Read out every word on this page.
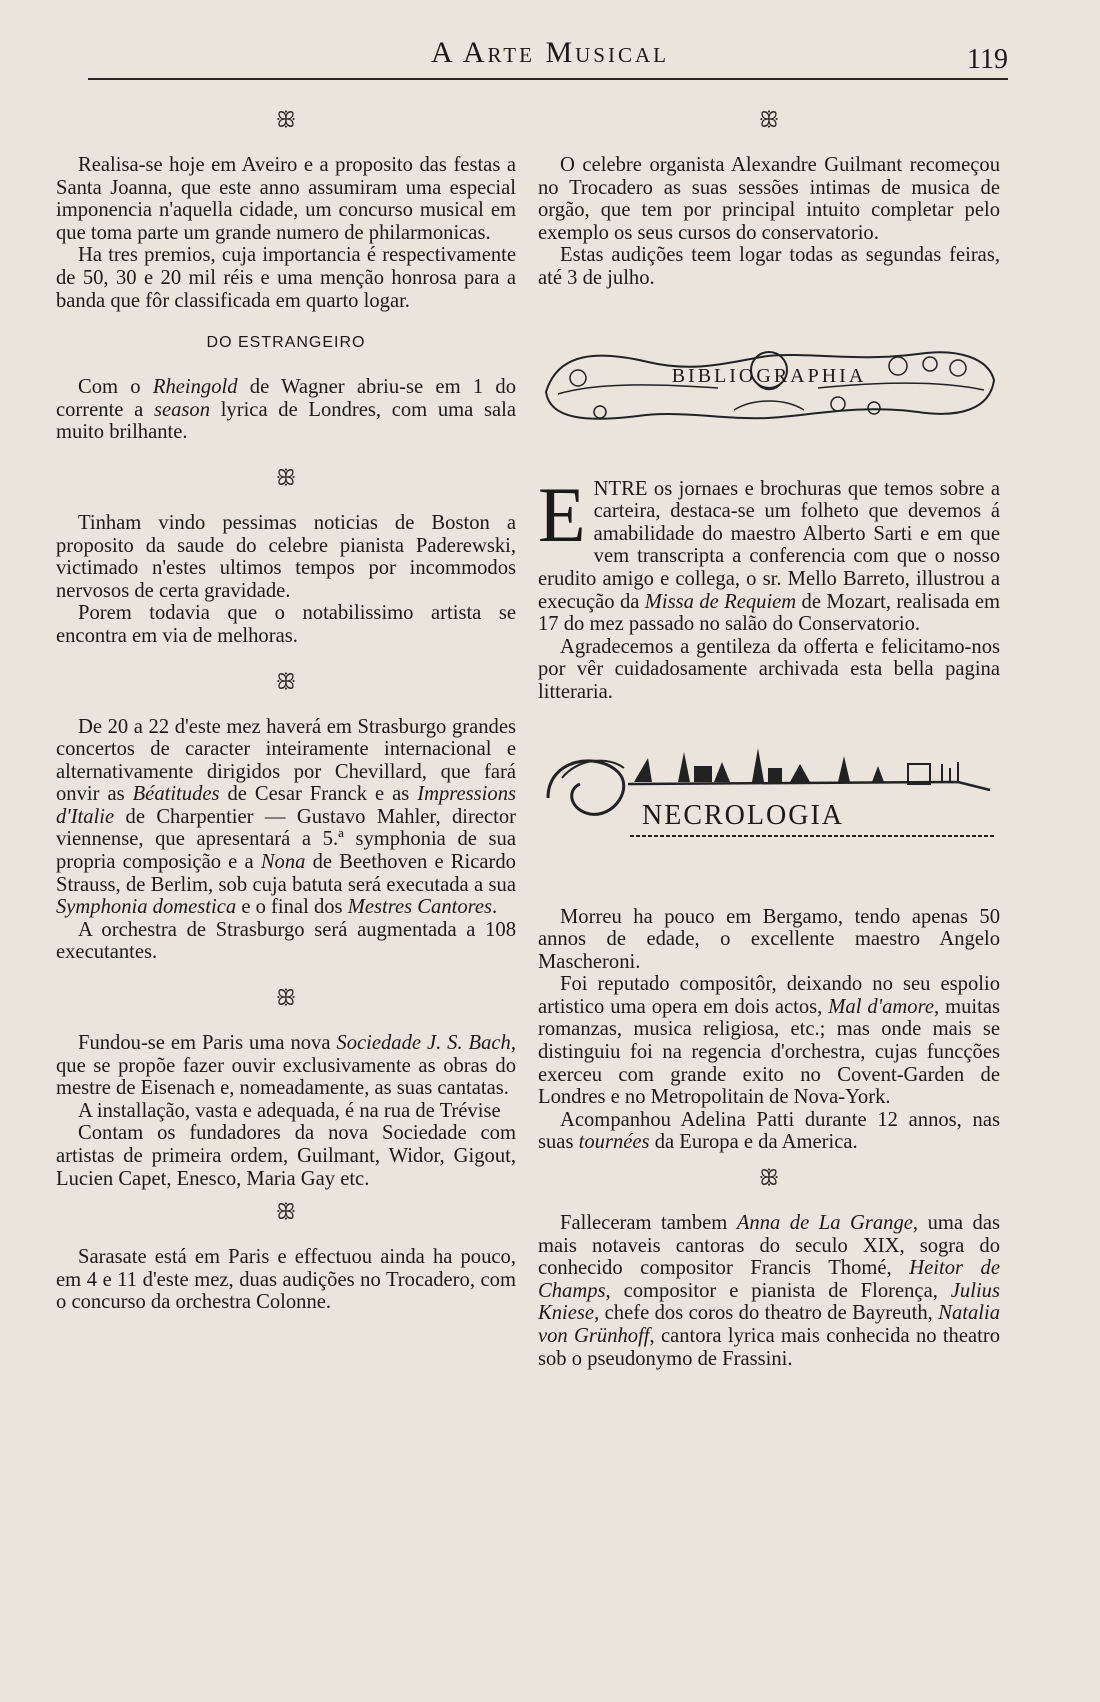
A Arte Musical	119
ꕥ

Realisa-se hoje em Aveiro e a proposito das festas a Santa Joanna, que este anno assumiram uma especial imponencia n'aquella cidade, um concurso musical em que toma parte um grande numero de philarmonicas.

Ha tres premios, cuja importancia é respectivamente de 50, 30 e 20 mil réis e uma menção honrosa para a banda que fôr classificada em quarto logar.

DO ESTRANGEIRO

Com o Rheingold de Wagner abriu-se em 1 do corrente a season lyrica de Londres, com uma sala muito brilhante.

ꕥ

Tinham vindo pessimas noticias de Boston a proposito da saude do celebre pianista Paderewski, victimado n'estes ultimos tempos por incommodos nervosos de certa gravidade.

Porem todavia que o notabilissimo artista se encontra em via de melhoras.

ꕥ

De 20 a 22 d'este mez haverá em Strasburgo grandes concertos de caracter inteiramente internacional e alternativamente dirigidos por Chevillard, que fará onvir as Béatitudes de Cesar Franck e as Impressions d'Italie de Charpentier — Gustavo Mahler, director viennense, que apresentará a 5.ª symphonia de sua propria composição e a Nona de Beethoven e Ricardo Strauss, de Berlim, sob cuja batuta será executada a sua Symphonia domestica e o final dos Mestres Cantores.

A orchestra de Strasburgo será augmentada a 108 executantes.

ꕥ

Fundou-se em Paris uma nova Sociedade J. S. Bach, que se propõe fazer ouvir exclusivamente as obras do mestre de Eisenach e, nomeadamente, as suas cantatas.

A installação, vasta e adequada, é na rua de Trévise

Contam os fundadores da nova Sociedade com artistas de primeira ordem, Guilmant, Widor, Gigout, Lucien Capet, Enesco, Maria Gay etc.

ꕥ

Sarasate está em Paris e effectuou ainda ha pouco, em 4 e 11 d'este mez, duas audições no Trocadero, com o concurso da orchestra Colonne.

ꕥ

O celebre organista Alexandre Guilmant recomeçou no Trocadero as suas sessões intimas de musica de orgão, que tem por principal intuito completar pelo exemplo os seus cursos do conservatorio.

Estas audições teem logar todas as segundas feiras, até 3 de julho.

BIBLIOGRAPHIA

ENTRE os jornaes e brochuras que temos sobre a carteira, destaca-se um folheto que devemos á amabilidade do maestro Alberto Sarti e em que vem transcripta a conferencia com que o nosso erudito amigo e collega, o sr. Mello Barreto, illustrou a execução da Missa de Requiem de Mozart, realisada em 17 do mez passado no salão do Conservatorio.

Agradecemos a gentileza da offerta e felicitamo-nos por vêr cuidadosamente archivada esta bella pagina litteraria.

NECROLOGIA

Morreu ha pouco em Bergamo, tendo apenas 50 annos de edade, o excellente maestro Angelo Mascheroni.

Foi reputado compositôr, deixando no seu espolio artistico uma opera em dois actos, Mal d'amore, muitas romanzas, musica religiosa, etc.; mas onde mais se distinguiu foi na regencia d'orchestra, cujas funcções exerceu com grande exito no Covent-Garden de Londres e no Metropolitain de Nova-York.

Acompanhou Adelina Patti durante 12 annos, nas suas tournées da Europa e da America.

ꕥ

Falleceram tambem Anna de La Grange, uma das mais notaveis cantoras do seculo XIX, sogra do conhecido compositor Francis Thomé, Heitor de Champs, compositor e pianista de Florença, Julius Kniese, chefe dos coros do theatro de Bayreuth, Natalia von Grünhoff, cantora lyrica mais conhecida no theatro sob o pseudonymo de Frassini.
